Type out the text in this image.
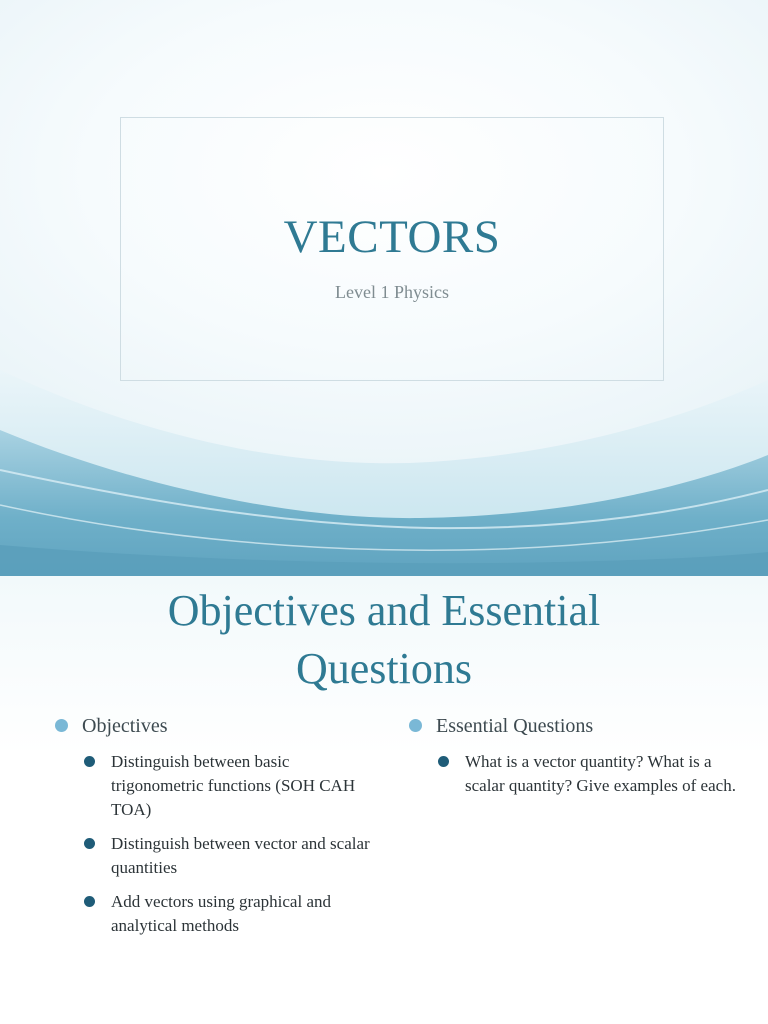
VECTORS
Level 1 Physics
Objectives and Essential
Questions
Objectives
Distinguish between basic trigonometric functions (SOH CAH TOA)
Distinguish between vector and scalar quantities
Add vectors using graphical and analytical methods
Essential Questions
What is a vector quantity? What is a scalar quantity? Give examples of each.
